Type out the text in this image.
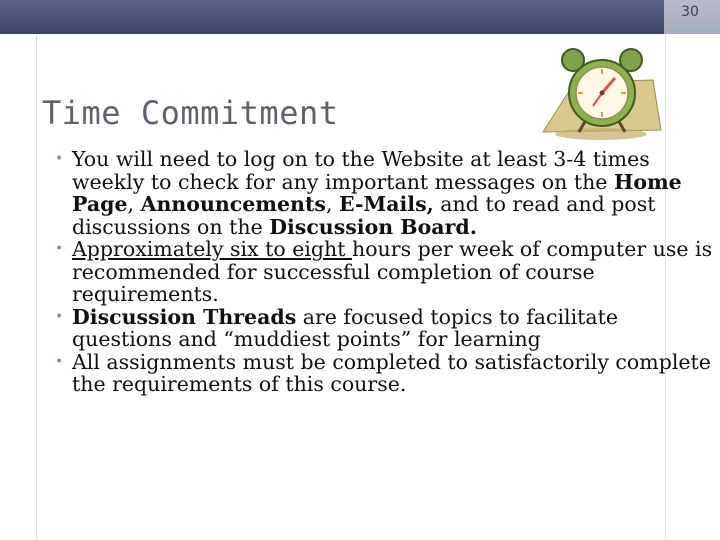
30
Time Commitment

• You will need to log on to the Website at least 3-4 times weekly to check for any important messages on the Home Page, Announcements, E-Mails, and to read and post discussions on the Discussion Board.

• Approximately six to eight hours per week of computer use is recommended for successful completion of course requirements.

• Discussion Threads are focused topics to facilitate questions and “muddiest points” for learning

• All assignments must be completed to satisfactorily complete the requirements of this course.
